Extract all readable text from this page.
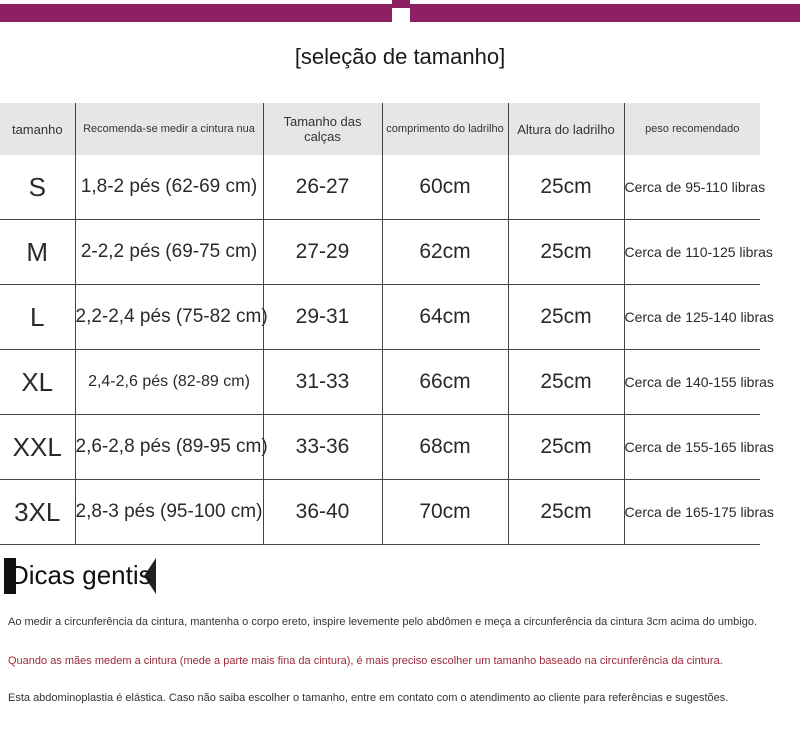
[seleção de tamanho]
tamanho	Recomenda-se medir a cintura nua	Tamanho das calças	comprimento do ladrilho	Altura do ladrilho	peso recomendado
S	1,8-2 pés (62-69 cm)	26-27	60cm	25cm	Cerca de 95-110 libras
M	2-2,2 pés (69-75 cm)	27-29	62cm	25cm	Cerca de 110-125 libras
L	2,2-2,4 pés (75-82 cm)	29-31	64cm	25cm	Cerca de 125-140 libras
XL	2,4-2,6 pés (82-89 cm)	31-33	66cm	25cm	Cerca de 140-155 libras
XXL	2,6-2,8 pés (89-95 cm)	33-36	68cm	25cm	Cerca de 155-165 libras
3XL	2,8-3 pés (95-100 cm)	36-40	70cm	25cm	Cerca de 165-175 libras
Dicas gentis
Ao medir a circunferência da cintura, mantenha o corpo ereto, inspire levemente pelo abdômen e meça a circunferência da cintura 3cm acima do umbigo.
Quando as mães medem a cintura (mede a parte mais fina da cintura), é mais preciso escolher um tamanho baseado na circunferência da cintura.
Esta abdominoplastia é elástica. Caso não saiba escolher o tamanho, entre em contato com o atendimento ao cliente para referências e sugestões.
